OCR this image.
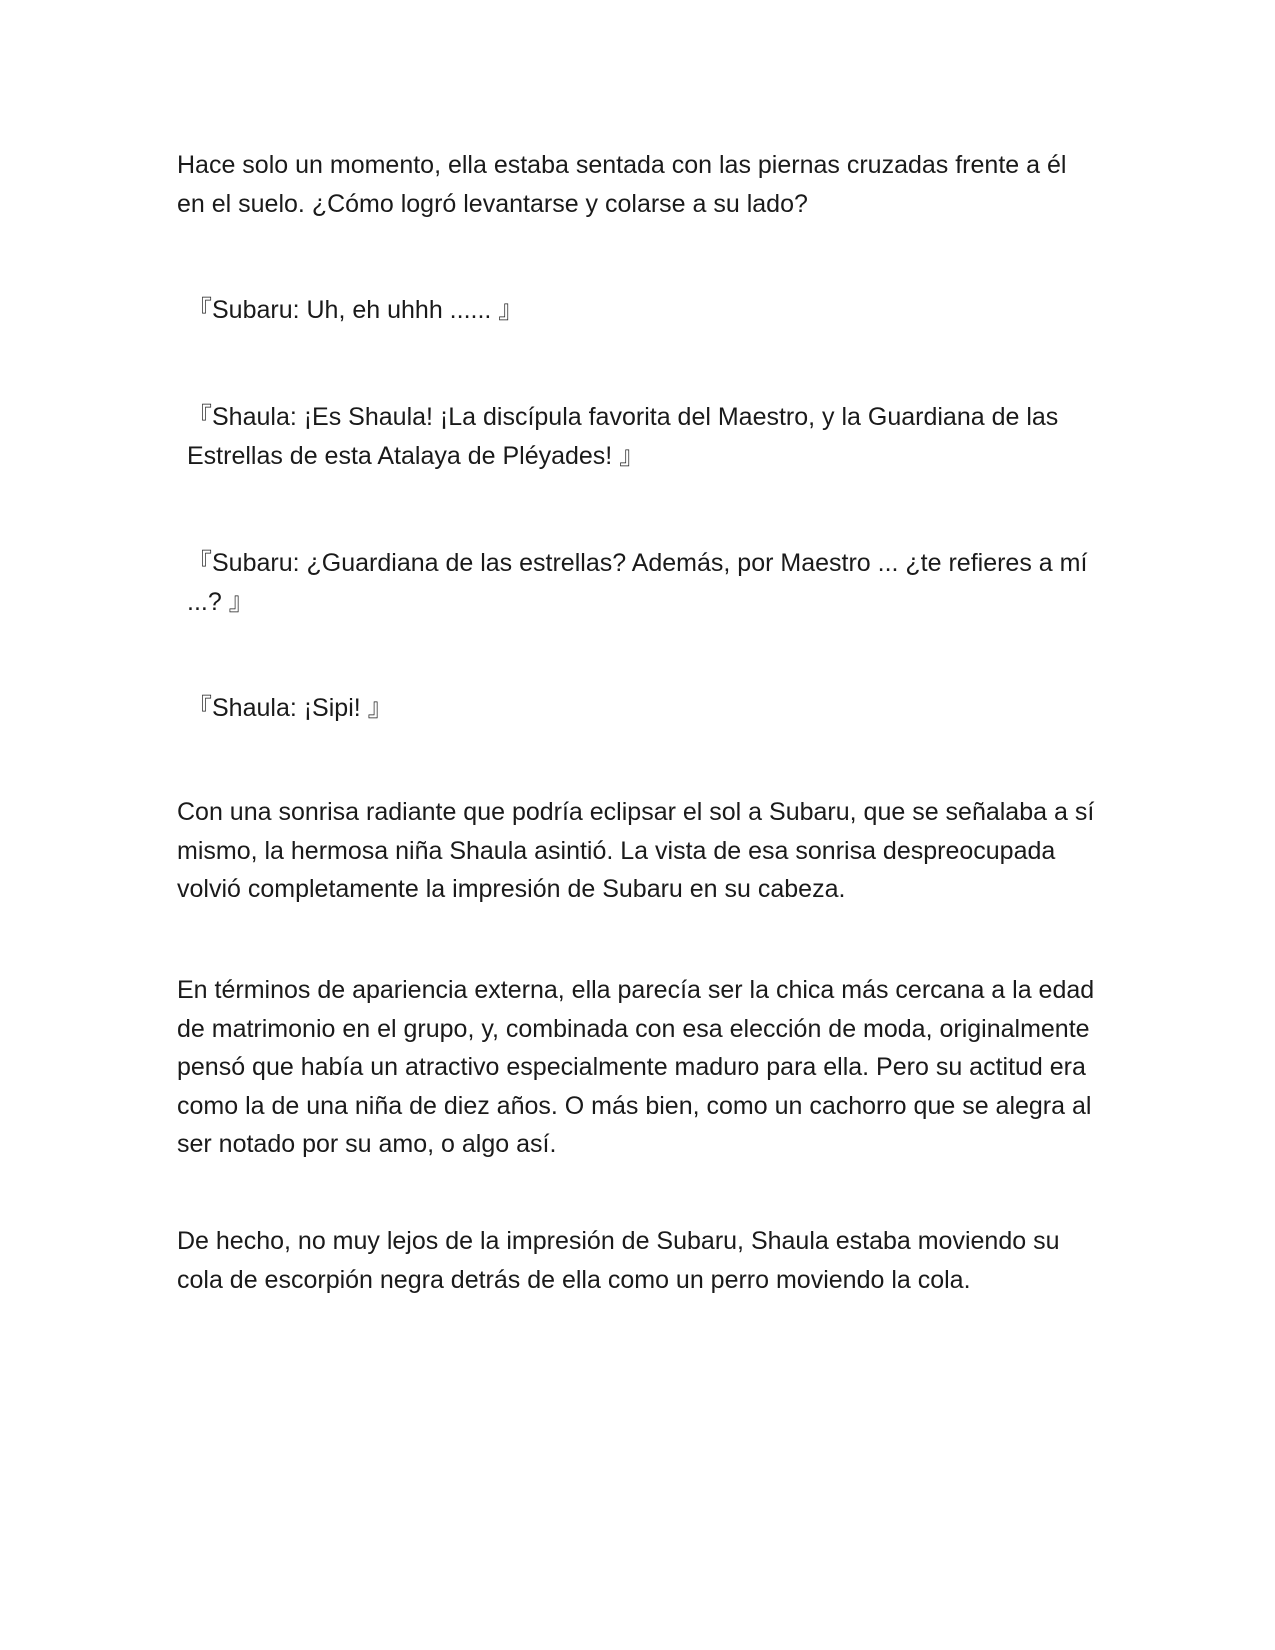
Hace solo un momento, ella estaba sentada con las piernas cruzadas frente a él en el suelo. ¿Cómo logró levantarse y colarse a su lado?

『Subaru: Uh, eh uhhh ...... 』

『Shaula: ¡Es Shaula! ¡La discípula favorita del Maestro, y la Guardiana de las Estrellas de esta Atalaya de Pléyades! 』

『Subaru: ¿Guardiana de las estrellas? Además, por Maestro ... ¿te refieres a mí ...? 』

『Shaula: ¡Sipi! 』

Con una sonrisa radiante que podría eclipsar el sol a Subaru, que se señalaba a sí mismo, la hermosa niña Shaula asintió. La vista de esa sonrisa despreocupada volvió completamente la impresión de Subaru en su cabeza.

En términos de apariencia externa, ella parecía ser la chica más cercana a la edad de matrimonio en el grupo, y, combinada con esa elección de moda, originalmente pensó que había un atractivo especialmente maduro para ella. Pero su actitud era como la de una niña de diez años. O más bien, como un cachorro que se alegra al ser notado por su amo, o algo así.

De hecho, no muy lejos de la impresión de Subaru, Shaula estaba moviendo su cola de escorpión negra detrás de ella como un perro moviendo la cola.
